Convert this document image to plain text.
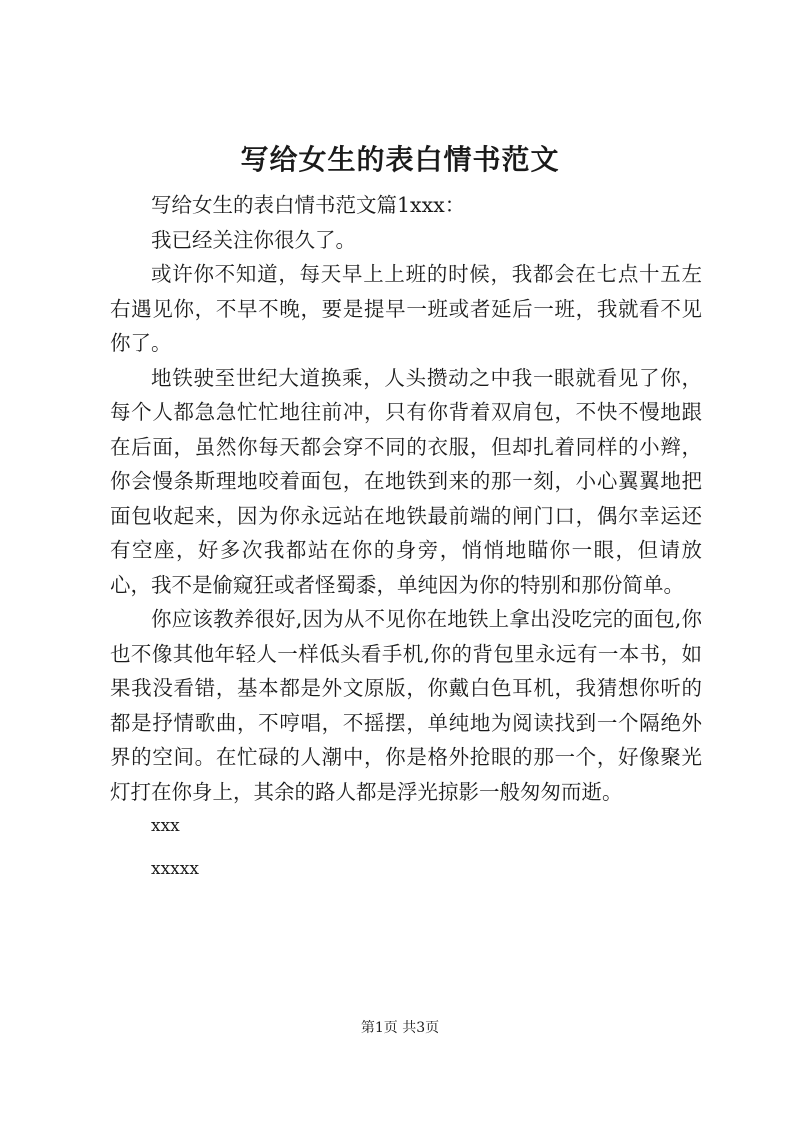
写给女生的表白情书范文

写给女生的表白情书范文篇1xxx：

我已经关注你很久了。

或许你不知道，每天早上上班的时候，我都会在七点十五左右遇见你，不早不晚，要是提早一班或者延后一班，我就看不见你了。

地铁驶至世纪大道换乘，人头攒动之中我一眼就看见了你，每个人都急急忙忙地往前冲，只有你背着双肩包，不快不慢地跟在后面，虽然你每天都会穿不同的衣服，但却扎着同样的小辫，你会慢条斯理地咬着面包，在地铁到来的那一刻，小心翼翼地把面包收起来，因为你永远站在地铁最前端的闸门口，偶尔幸运还有空座，好多次我都站在你的身旁，悄悄地瞄你一眼，但请放心，我不是偷窥狂或者怪蜀黍，单纯因为你的特别和那份简单。

你应该教养很好,因为从不见你在地铁上拿出没吃完的面包,你也不像其他年轻人一样低头看手机,你的背包里永远有一本书，如果我没看错，基本都是外文原版，你戴白色耳机，我猜想你听的都是抒情歌曲，不哼唱，不摇摆，单纯地为阅读找到一个隔绝外界的空间。在忙碌的人潮中，你是格外抢眼的那一个，好像聚光灯打在你身上，其余的路人都是浮光掠影一般匆匆而逝。

xxx

xxxxx

第1页 共3页
